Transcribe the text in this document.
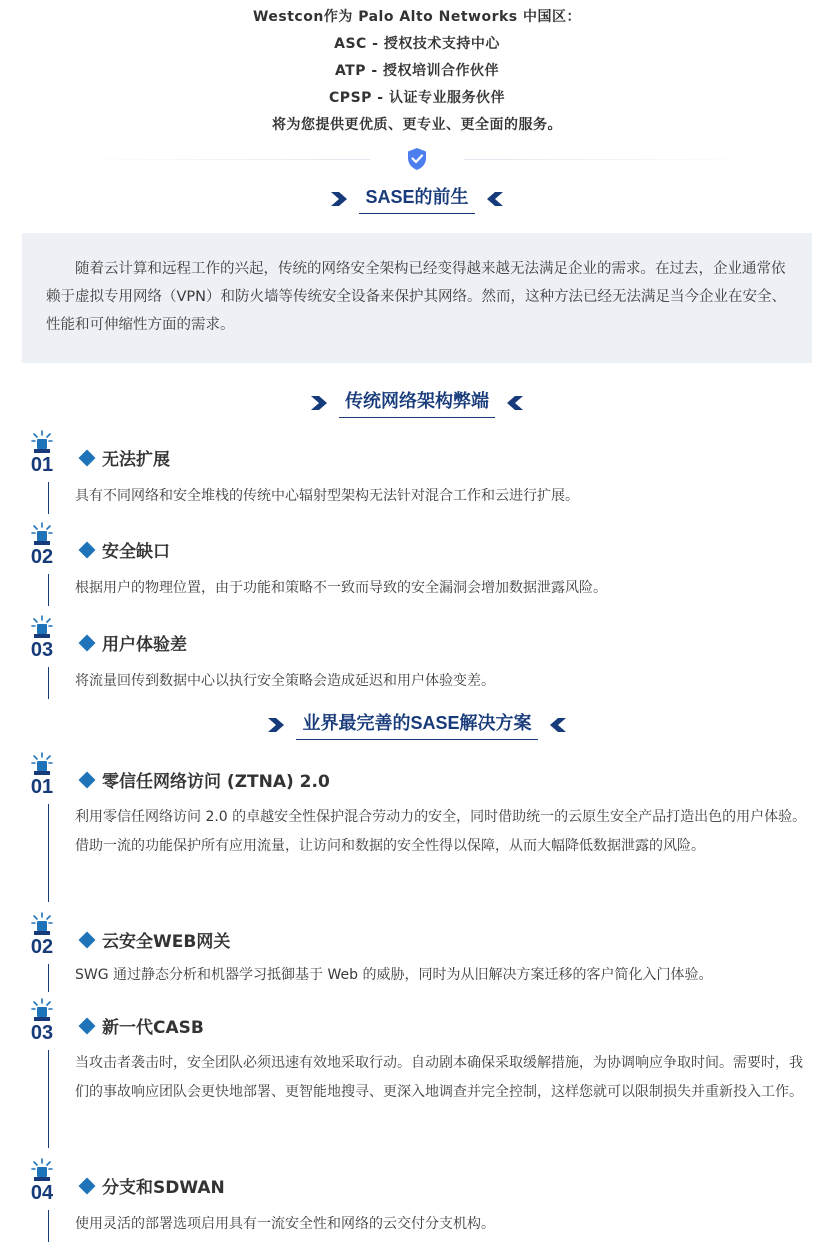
Westcon作为 Palo Alto Networks 中国区：
ASC - 授权技术支持中心
ATP - 授权培训合作伙伴
CPSP - 认证专业服务伙伴
将为您提供更优质、更专业、更全面的服务。
SASE的前生

随着云计算和远程工作的兴起，传统的网络安全架构已经变得越来越无法满足企业的需求。在过去，企业通常依赖于虚拟专用网络（VPN）和防火墙等传统安全设备来保护其网络。然而，这种方法已经无法满足当今企业在安全、性能和可伸缩性方面的需求。

传统网络架构弊端
01	无法扩展
具有不同网络和安全堆栈的传统中心辐射型架构无法针对混合工作和云进行扩展。
02	安全缺口
根据用户的物理位置，由于功能和策略不一致而导致的安全漏洞会增加数据泄露风险。
03	用户体验差
将流量回传到数据中心以执行安全策略会造成延迟和用户体验变差。
业界最完善的SASE解决方案
01	零信任网络访问 (ZTNA) 2.0
利用零信任网络访问 2.0 的卓越安全性保护混合劳动力的安全，同时借助统一的云原生安全产品打造出色的用户体验。借助一流的功能保护所有应用流量，让访问和数据的安全性得以保障，从而大幅降低数据泄露的风险。
02	云安全WEB网关
SWG 通过静态分析和机器学习抵御基于 Web 的威胁，同时为从旧解决方案迁移的客户简化入门体验。
03	新一代CASB
当攻击者袭击时，安全团队必须迅速有效地采取行动。自动剧本确保采取缓解措施，为协调响应争取时间。需要时，我们的事故响应团队会更快地部署、更智能地搜寻、更深入地调查并完全控制，这样您就可以限制损失并重新投入工作。
04	分支和SDWAN
使用灵活的部署选项启用具有一流安全性和网络的云交付分支机构。
